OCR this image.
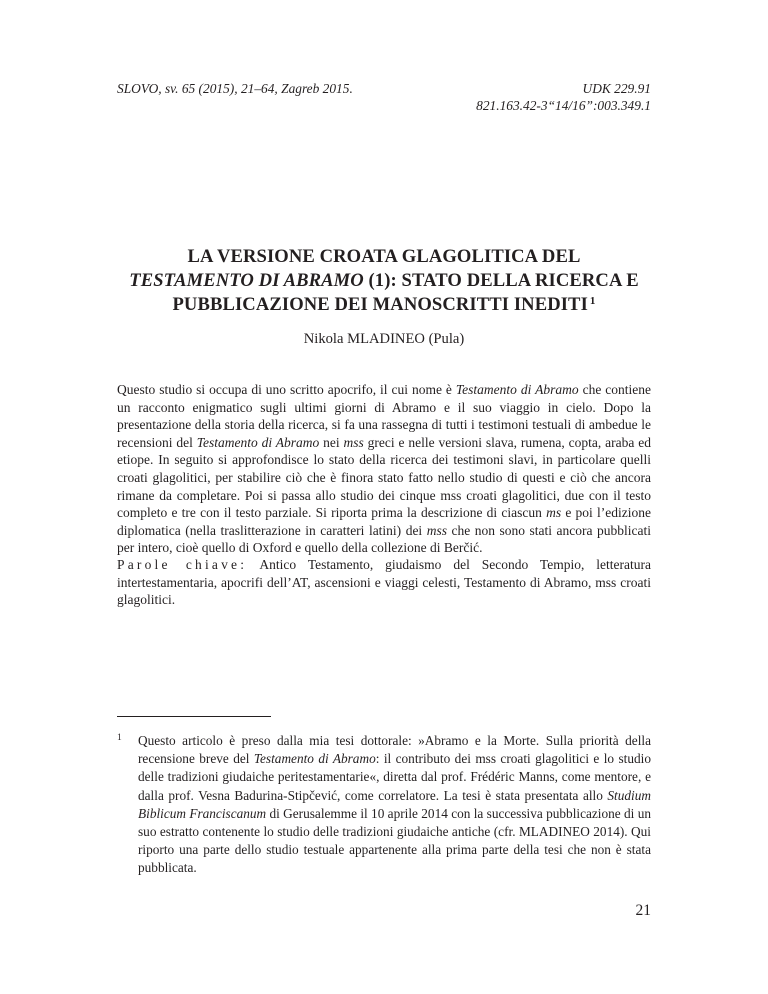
SLOVO, sv. 65 (2015), 21–64, Zagreb 2015.	UDK 229.91
821.163.42-3“14/16”:003.349.1
LA VERSIONE CROATA GLAGOLITICA DEL
TESTAMENTO DI ABRAMO (1): STATO DELLA RICERCA E
PUBBLICAZIONE DEI MANOSCRITTI INEDITI $^1$
Nikola MLADINEO (Pula)

Questo studio si occupa di uno scritto apocrifo, il cui nome è Testamento di Abramo che contiene un racconto enigmatico sugli ultimi giorni di Abramo e il suo viaggio in cielo. Dopo la presentazione della storia della ricerca, si fa una rassegna di tutti i testimoni testuali di ambedue le recensioni del Testamento di Abramo nei mss greci e nelle versioni slava, rumena, copta, araba ed etiope. In seguito si approfondisce lo stato della ricerca dei testimoni slavi, in particolare quelli croati glagolitici, per stabilire ciò che è finora stato fatto nello studio di questi e ciò che ancora rimane da completare. Poi si passa allo studio dei cinque mss croati glagolitici, due con il testo completo e tre con il testo parziale. Si riporta prima la descrizione di ciascun ms e poi l’edizione diplomatica (nella traslitterazione in caratteri latini) dei mss che non sono stati ancora pubblicati per intero, cioè quello di Oxford e quello della collezione di Berčić.

Parole chiave: Antico Testamento, giudaismo del Secondo Tempio, letteratura intertestamentaria, apocrifi dell’AT, ascensioni e viaggi celesti, Testamento di Abramo, mss croati glagolitici.

1 Questo articolo è preso dalla mia tesi dottorale: »Abramo e la Morte. Sulla priorità della recensione breve del Testamento di Abramo: il contributo dei mss croati glagolitici e lo studio delle tradizioni giudaiche peritestamentarie«, diretta dal prof. Frédéric Manns, come mentore, e dalla prof. Vesna Badurina-Stipčević, come correlatore. La tesi è stata presentata allo Studium Biblicum Franciscanum di Gerusalemme il 10 aprile 2014 con la successiva pubblicazione di un suo estratto contenente lo studio delle tradizioni giudaiche antiche (cfr. MLADINEO 2014). Qui riporto una parte dello studio testuale appartenente alla prima parte della tesi che non è stata pubblicata.

21
